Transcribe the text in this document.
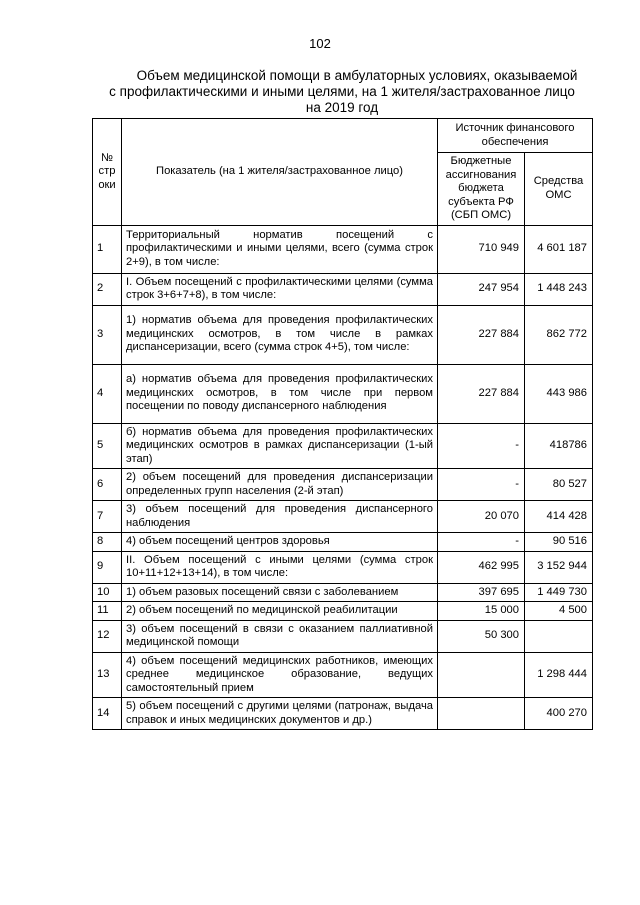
102
Объем медицинской помощи в амбулаторных условиях, оказываемой
с профилактическими и иными целями, на 1 жителя/застрахованное лицо
на 2019 год
№ стр оки	Показатель (на 1 жителя/застрахованное лицо)	Источник финансового обеспечения	
		Бюджетные ассигнования бюджета субъекта РФ (СБП ОМС)	Средства ОМС
1	Территориальный норматив посещений с профилактическими и иными целями, всего (сумма строк 2+9), в том числе:	710 949	4 601 187
2	I. Объем посещений с профилактическими целями (сумма строк 3+6+7+8), в том числе:	247 954	1 448 243
3	1) норматив объема для проведения профилактических медицинских осмотров, в том числе в рамках диспансеризации, всего (сумма строк 4+5), том числе:	227 884	862 772
4	а) норматив объема для проведения профилактических медицинских осмотров, в том числе при первом посещении по поводу диспансерного наблюдения	227 884	443 986
5	б) норматив объема для проведения профилактических медицинских осмотров в рамках диспансеризации (1-ый этап)	-	418786
6	2) объем посещений для проведения диспансеризации определенных групп населения (2-й этап)	-	80 527
7	3) объем посещений для проведения диспансерного наблюдения	20 070	414 428
8	4) объем посещений центров здоровья	-	90 516
9	II. Объем посещений с иными целями (сумма строк 10+11+12+13+14), в том числе:	462 995	3 152 944
10	1) объем разовых посещений связи с заболеванием	397 695	1 449 730
11	2) объем посещений по медицинской реабилитации	15 000	4 500
12	3) объем посещений в связи с оказанием паллиативной медицинской помощи	50 300	
13	4) объем посещений медицинских работников, имеющих среднее медицинское образование, ведущих самостоятельный прием		1 298 444
14	5) объем посещений с другими целями (патронаж, выдача справок и иных медицинских документов и др.)		400 270
